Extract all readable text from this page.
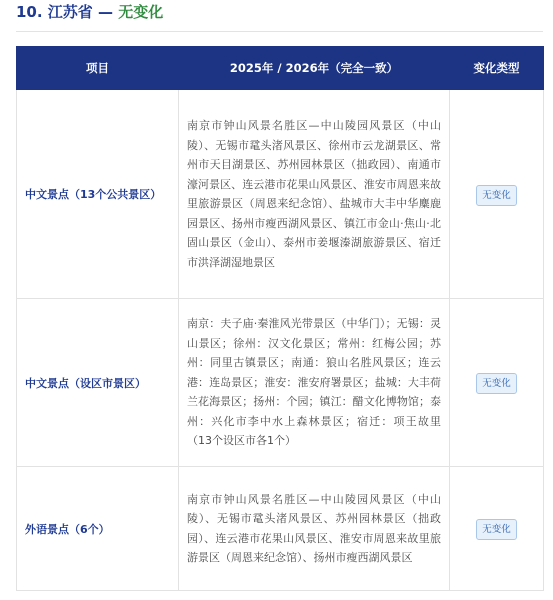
10. 江苏省 — 无变化
项目	2025年 / 2026年（完全一致）	变化类型
中文景点（13个公共景区）	南京市钟山风景名胜区—中山陵园风景区（中山陵）、无锡市鼋头渚风景区、徐州市云龙湖景区、常州市天目湖景区、苏州园林景区（拙政园）、南通市濠河景区、连云港市花果山风景区、淮安市周恩来故里旅游景区（周恩来纪念馆）、盐城市大丰中华麋鹿园景区、扬州市瘦西湖风景区、镇江市金山·焦山·北固山景区（金山）、泰州市姜堰溱湖旅游景区、宿迁市洪泽湖湿地景区	无变化
中文景点（设区市景区）	南京：夫子庙·秦淮风光带景区（中华门）；无锡：灵山景区；徐州：汉文化景区；常州：红梅公园；苏州：同里古镇景区；南通：狼山名胜风景区；连云港：连岛景区；淮安：淮安府署景区；盐城：大丰荷兰花海景区；扬州：个园；镇江：醋文化博物馆；泰州：兴化市李中水上森林景区；宿迁：项王故里（13个设区市各1个）	无变化
外语景点（6个）	南京市钟山风景名胜区—中山陵园风景区（中山陵）、无锡市鼋头渚风景区、苏州园林景区（拙政园）、连云港市花果山风景区、淮安市周恩来故里旅游景区（周恩来纪念馆）、扬州市瘦西湖风景区	无变化
